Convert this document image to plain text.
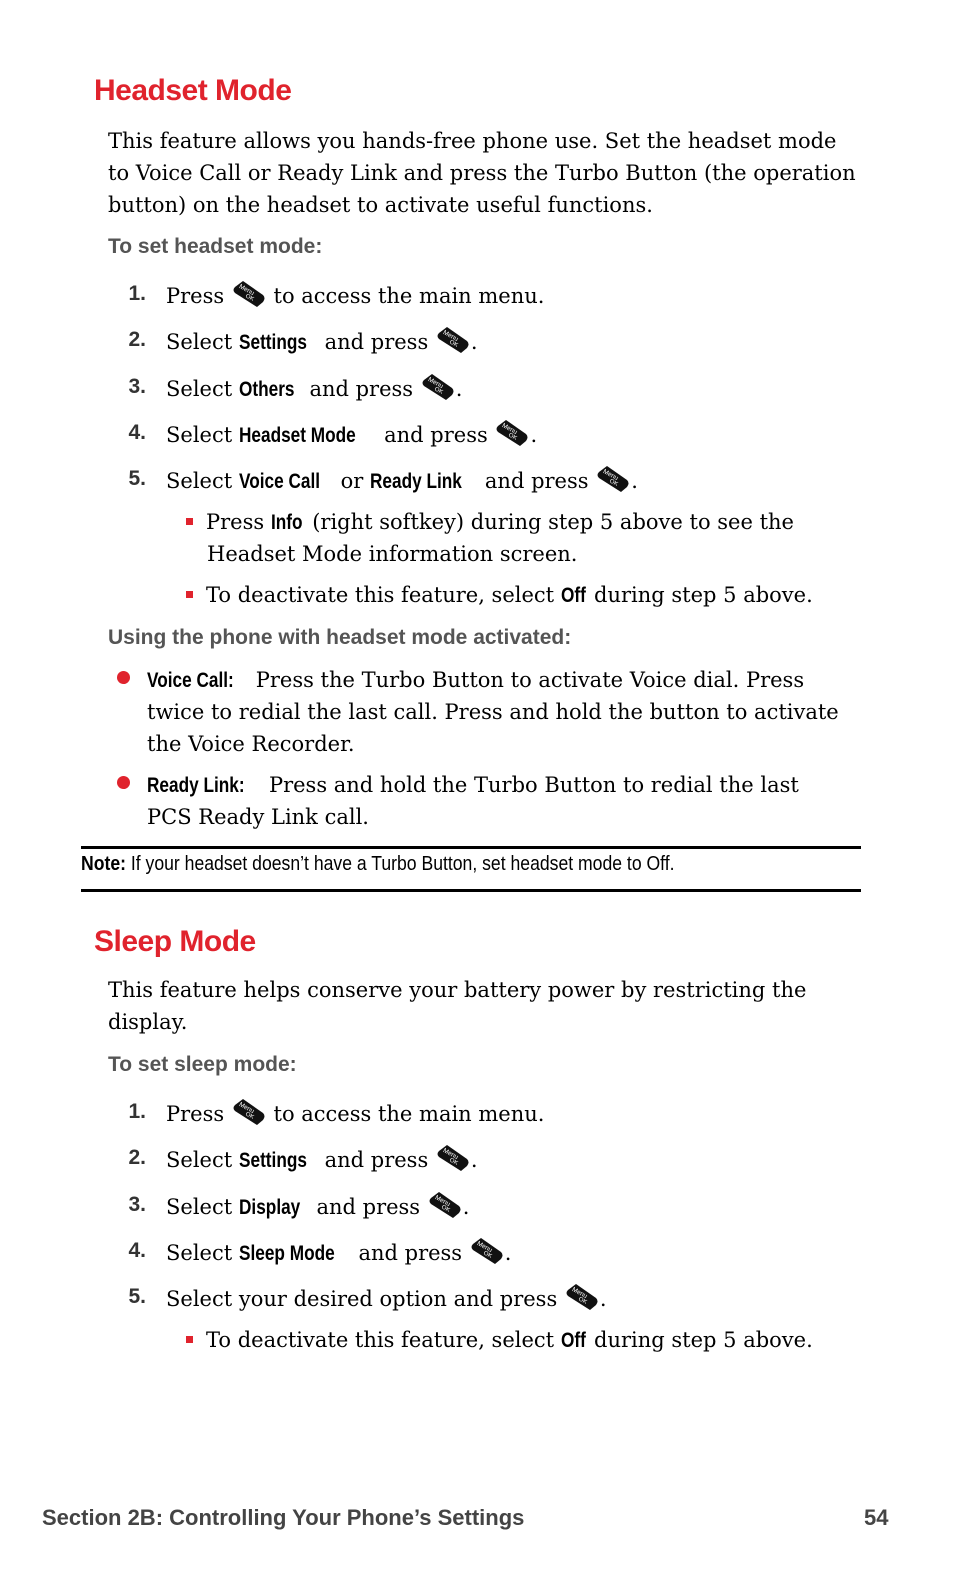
Headset Mode
This feature allows you hands-free phone use. Set the headset mode to Voice Call or Ready Link and press the Turbo Button (the operation button) on the headset to activate useful functions.
To set headset mode:
1. Press  to access the main menu.
2. Select Settings and press .
3. Select Others and press .
4. Select Headset Mode and press .
5. Select Voice Call or Ready Link and press .
Press Info (right softkey) during step 5 above to see the
Headset Mode information screen.
To deactivate this feature, select Off during step 5 above.
Using the phone with headset mode activated:
Voice Call: Press the Turbo Button to activate Voice dial. Press
twice to redial the last call. Press and hold the button to activate
the Voice Recorder.
Ready Link: Press and hold the Turbo Button to redial the last
PCS Ready Link call.
Note: If your headset doesn’t have a Turbo Button, set headset mode to Off.
Sleep Mode
This feature helps conserve your battery power by restricting the display.
To set sleep mode:
1. Press  to access the main menu.
2. Select Settings and press .
3. Select Display and press .
4. Select Sleep Mode and press .
5. Select your desired option and press .
To deactivate this feature, select Off during step 5 above.
Section 2B: Controlling Your Phone’s Settings	54
